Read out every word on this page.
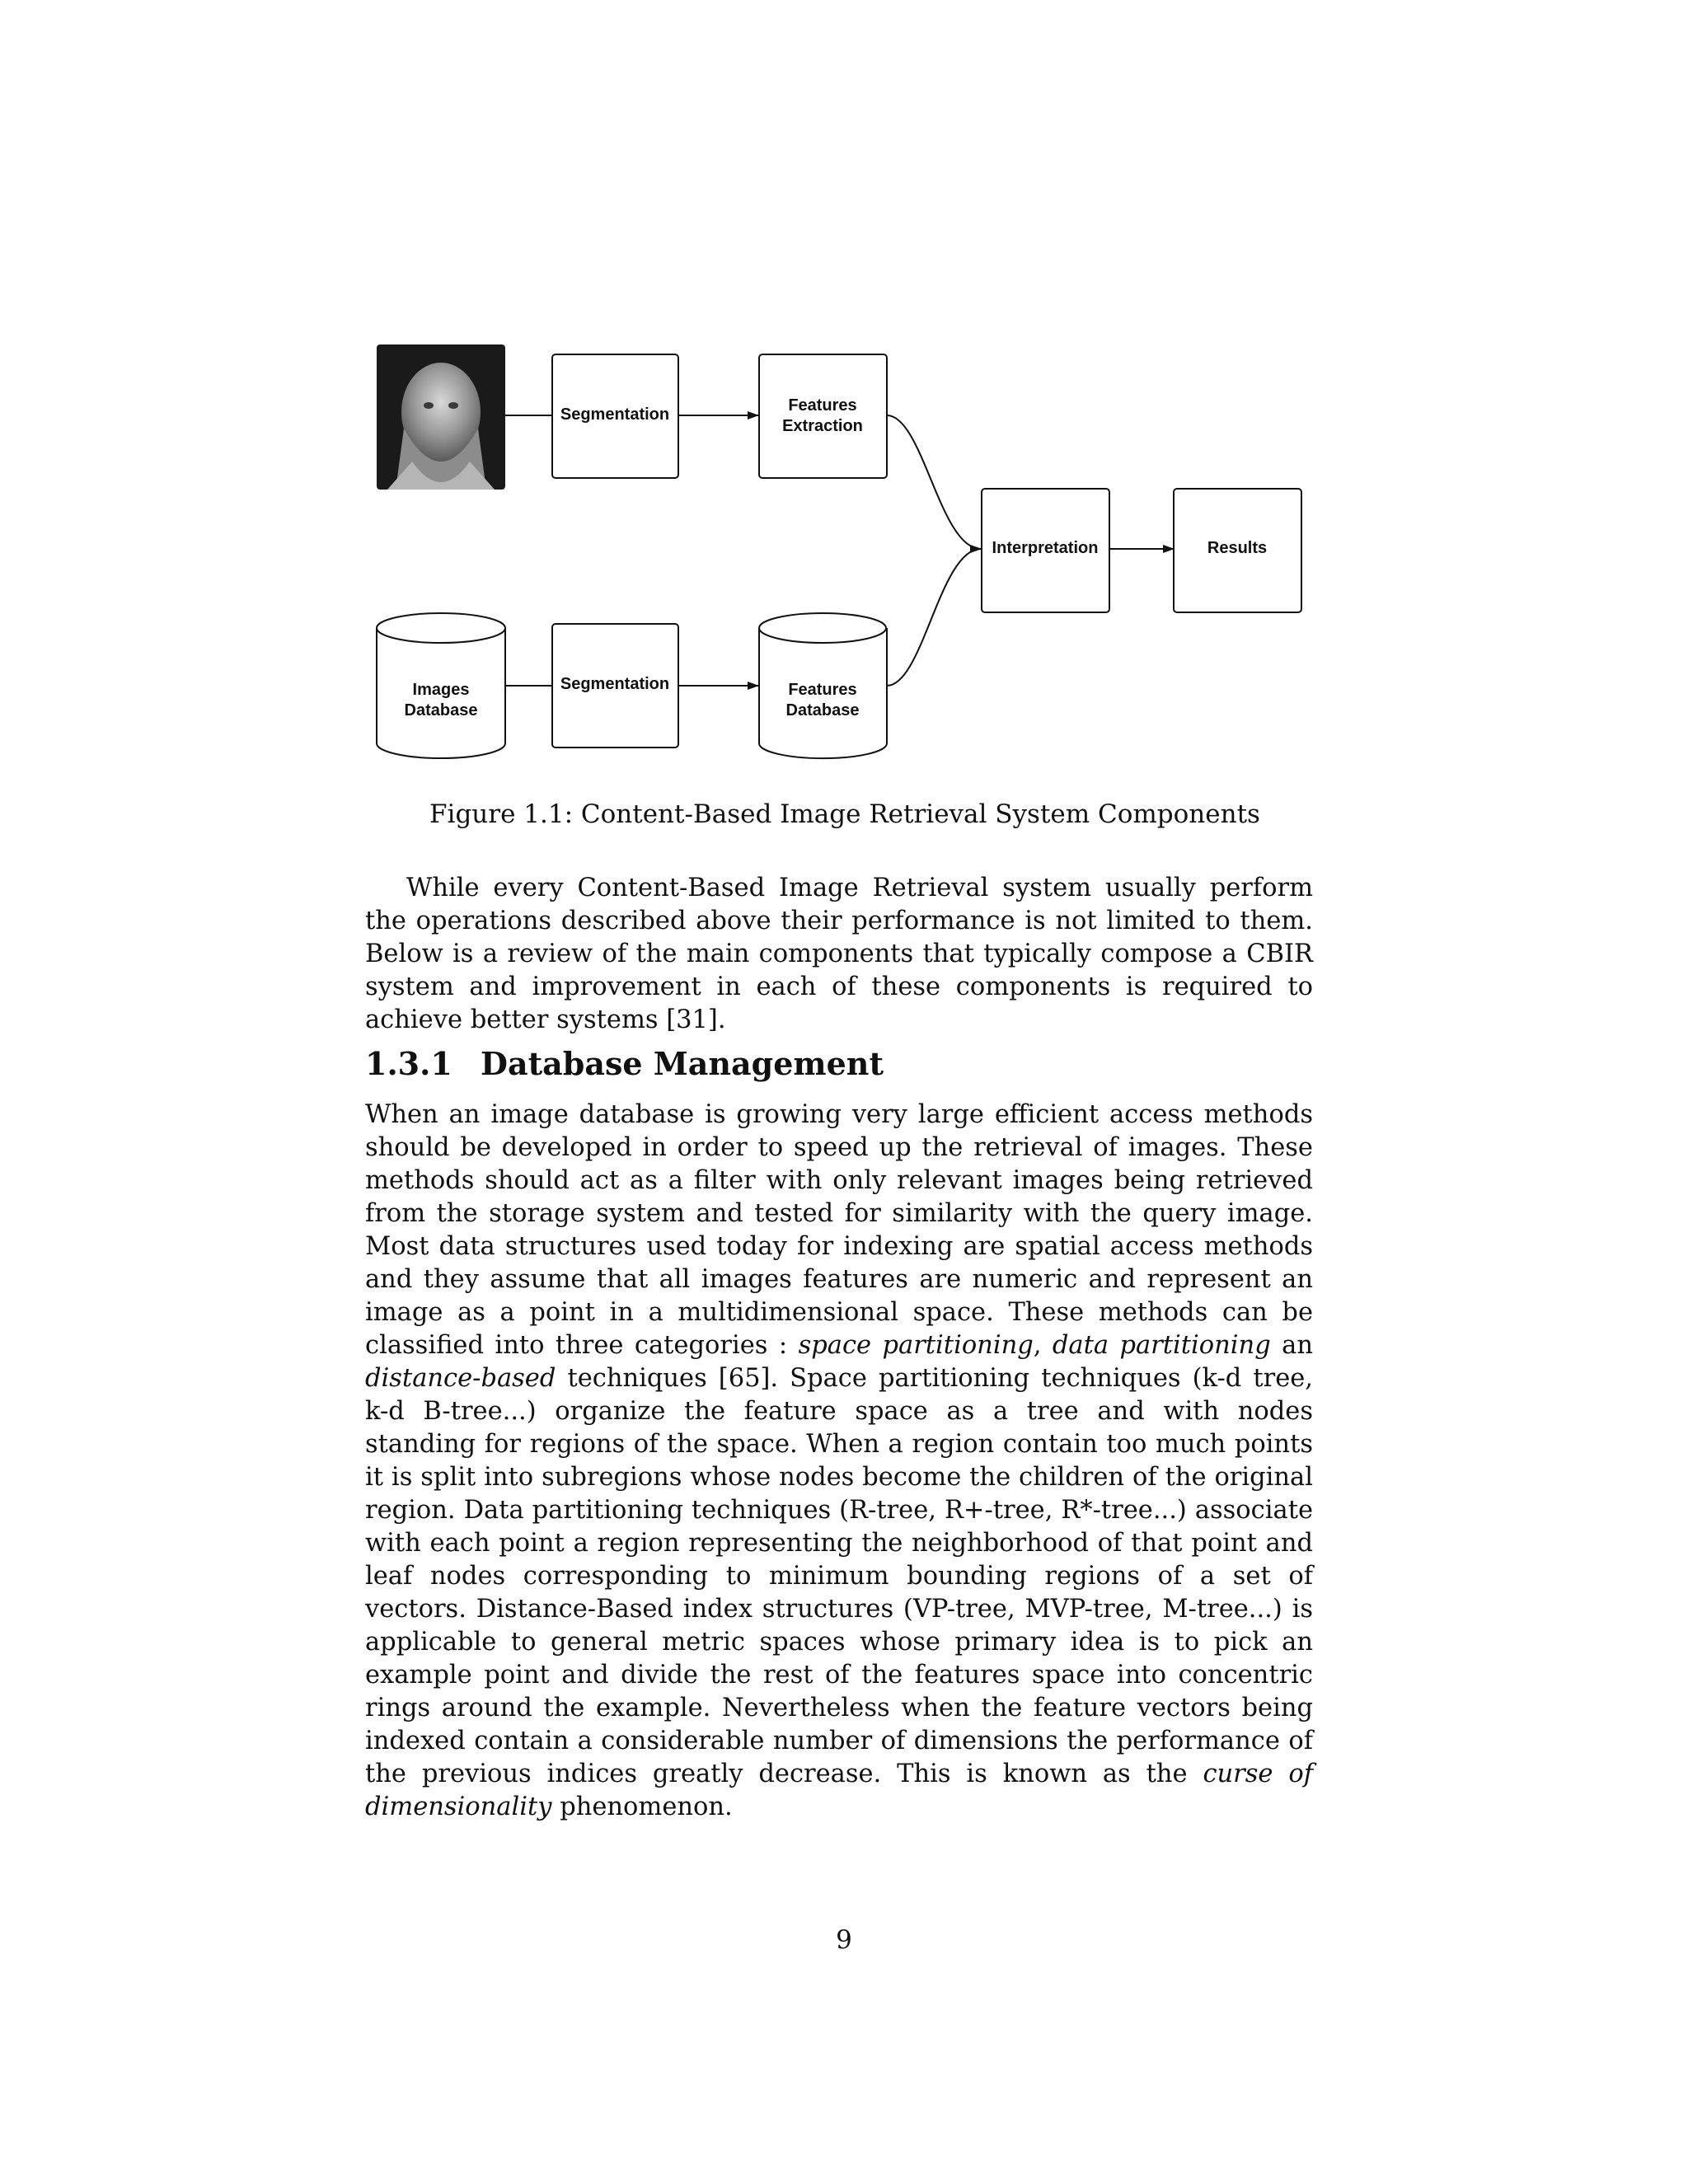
Segmentation	Features
Extraction
Interpretation	Results
Images
Database
Segmentation	Features
Database
Figure 1.1: Content-Based Image Retrieval System Components

While every Content-Based Image Retrieval system usually perform the operations described above their performance is not limited to them. Below is a review of the main components that typically compose a CBIR system and improvement in each of these components is required to achieve better systems [31].

1.3.1 Database Management

When an image database is growing very large efficient access methods should be developed in order to speed up the retrieval of images. These methods should act as a filter with only relevant images being retrieved from the storage system and tested for similarity with the query image. Most data structures used today for indexing are spatial access methods and they assume that all images features are numeric and represent an image as a point in a multidimensional space. These methods can be classified into three categories : space partitioning, data partitioning an distance-based techniques [65]. Space partitioning techniques (k-d tree, k-d B-tree...) organize the feature space as a tree and with nodes standing for regions of the space. When a region contain too much points it is split into subregions whose nodes become the children of the original region. Data partitioning techniques (R-tree, R+-tree, R*-tree...) associate with each point a region representing the neighborhood of that point and leaf nodes corresponding to minimum bounding regions of a set of vectors. Distance-Based index structures (VP-tree, MVP-tree, M-tree...) is applicable to general metric spaces whose primary idea is to pick an example point and divide the rest of the features space into concentric rings around the example. Nevertheless when the feature vectors being indexed contain a considerable number of dimensions the performance of the previous indices greatly decrease. This is known as the curse of dimensionality phenomenon.

9
